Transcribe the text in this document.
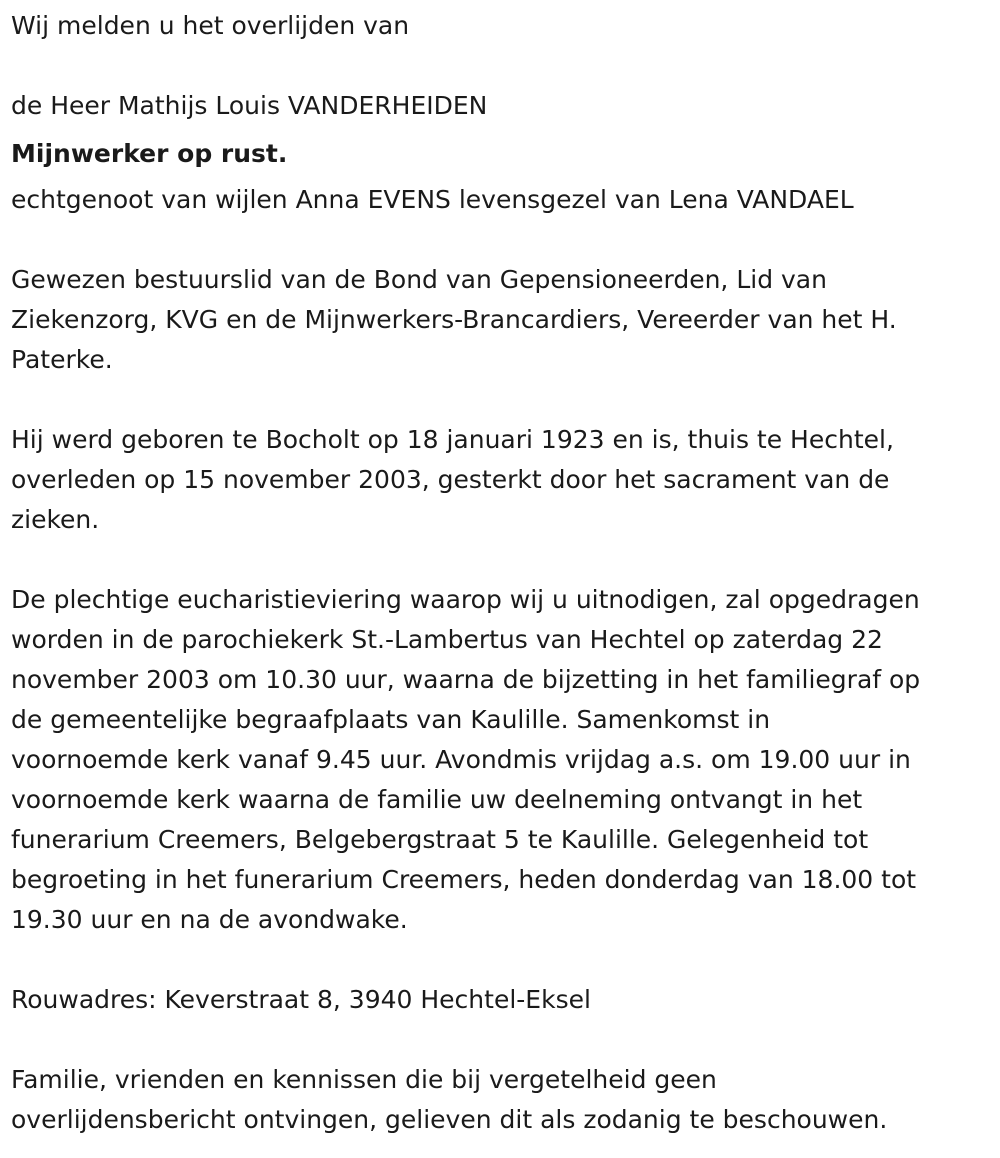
Wij melden u het overlijden van
de Heer Mathijs Louis VANDERHEIDEN
Mijnwerker op rust.
echtgenoot van wijlen Anna EVENS levensgezel van Lena VANDAEL
Gewezen bestuurslid van de Bond van Gepensioneerden, Lid van
Ziekenzorg, KVG en de Mijnwerkers-Brancardiers, Vereerder van het H.
Paterke.
Hij werd geboren te Bocholt op 18 januari 1923 en is, thuis te Hechtel,
overleden op 15 november 2003, gesterkt door het sacrament van de
zieken.
De plechtige eucharistieviering waarop wij u uitnodigen, zal opgedragen
worden in de parochiekerk St.-Lambertus van Hechtel op zaterdag 22
november 2003 om 10.30 uur, waarna de bijzetting in het familiegraf op
de gemeentelijke begraafplaats van Kaulille. Samenkomst in
voornoemde kerk vanaf 9.45 uur. Avondmis vrijdag a.s. om 19.00 uur in
voornoemde kerk waarna de familie uw deelneming ontvangt in het
funerarium Creemers, Belgebergstraat 5 te Kaulille. Gelegenheid tot
begroeting in het funerarium Creemers, heden donderdag van 18.00 tot
19.30 uur en na de avondwake.
Rouwadres: Keverstraat 8, 3940 Hechtel-Eksel
Familie, vrienden en kennissen die bij vergetelheid geen
overlijdensbericht ontvingen, gelieven dit als zodanig te beschouwen.
